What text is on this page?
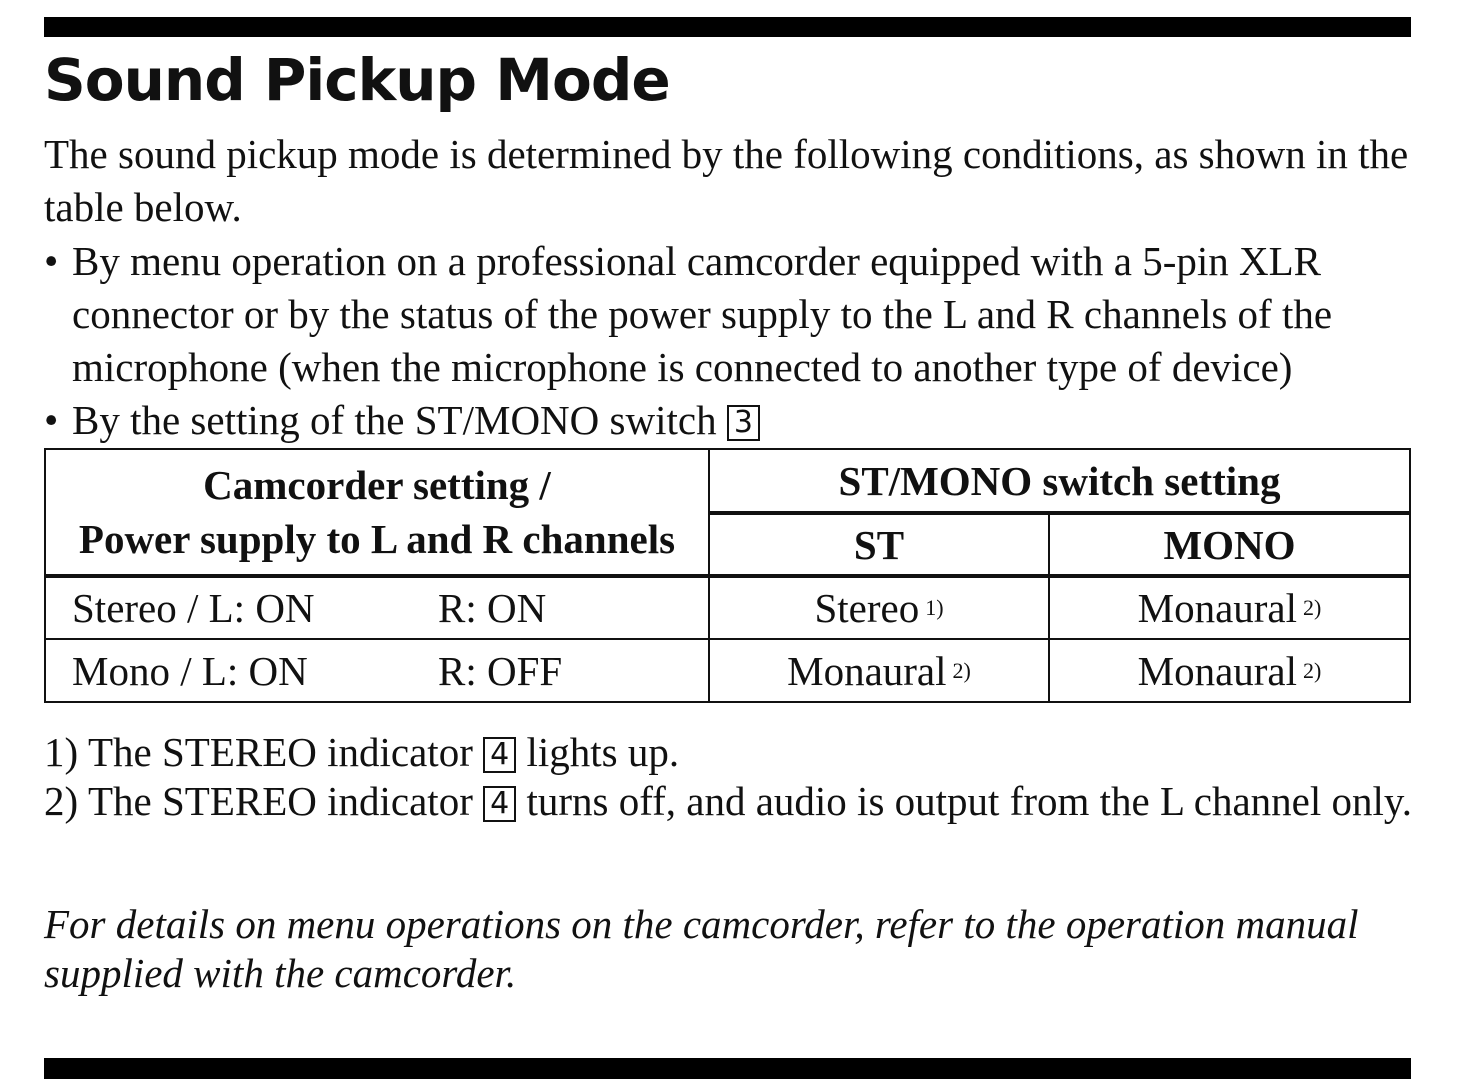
Sound Pickup Mode

The sound pickup mode is determined by the following conditions, as shown in the table below.

• By menu operation on a professional camcorder equipped with a 5-pin XLR connector or by the status of the power supply to the L and R channels of the microphone (when the microphone is connected to another type of device)
• By the setting of the ST/MONO switch 3
Camcorder setting /
Power supply to L and R channels
ST/MONO switch setting
ST	MONO
Stereo / L: ON	R: ON	Stereo 1)	Monaural 2)
Mono / L: ON	R: OFF	Monaural 2)	Monaural 2)
1) The STEREO indicator 4 lights up.
2) The STEREO indicator 4 turns off, and audio is output from the L channel only.

For details on menu operations on the camcorder, refer to the operation manual supplied with the camcorder.
